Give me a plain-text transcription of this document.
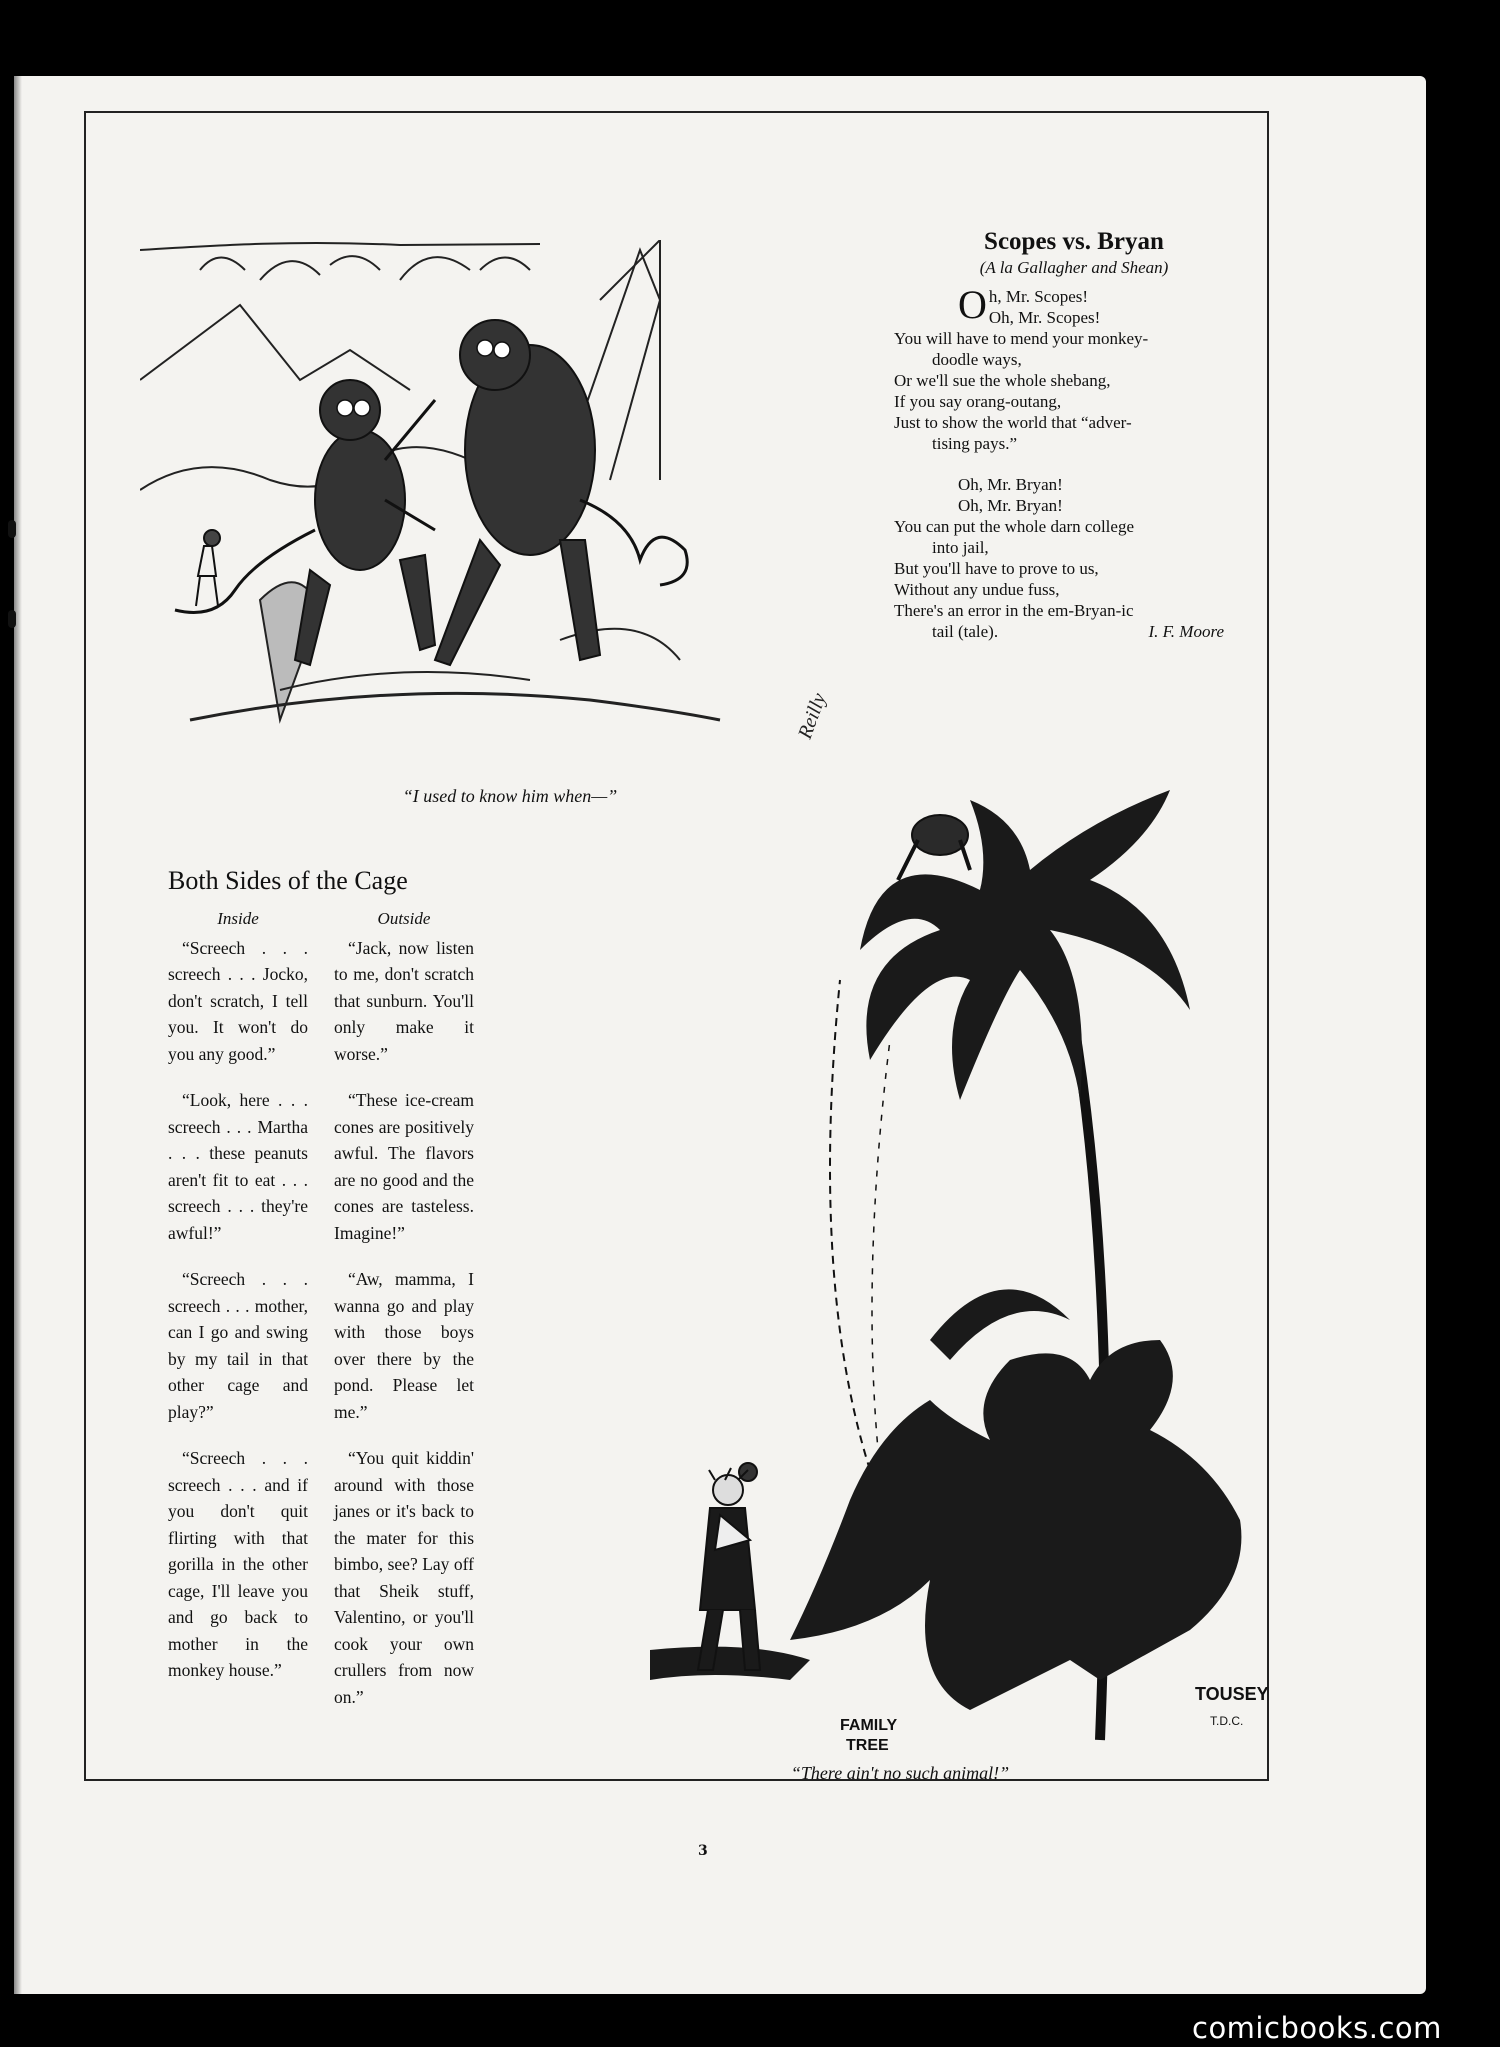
Reilly
“I used to know him when—”
Scopes vs. Bryan
(A la Gallagher and Shean)
Oh, Mr. Scopes!
Oh, Mr. Scopes!
You will have to mend your monkey-
doodle ways,
Or we'll sue the whole shebang,
If you say orang-outang,
Just to show the world that “adver-
tising pays.”
Oh, Mr. Bryan!
Oh, Mr. Bryan!
You can put the whole darn college
into jail,
But you'll have to prove to us,
Without any undue fuss,
There's an error in the em-Bryan-ic
tail (tale).	I. F. Moore
Both Sides of the Cage
Inside

“Screech . . . screech . . . Jocko, don't scratch, I tell you. It won't do you any good.”

“Look, here . . . screech . . . Martha . . . these peanuts aren't fit to eat . . . screech . . . they're awful!”

“Screech . . . screech . . . mother, can I go and swing by my tail in that other cage and play?”

“Screech . . . screech . . . and if you don't quit flirting with that gorilla in the other cage, I'll leave you and go back to mother in the monkey house.”

Outside

“Jack, now listen to me, don't scratch that sunburn. You'll only make it worse.”

“These ice-cream cones are positively awful. The flavors are no good and the cones are tasteless. Imagine!”

“Aw, mamma, I wanna go and play with those boys over there by the pond. Please let me.”

“You quit kiddin' around with those janes or it's back to the mater for this bimbo, see? Lay off that Sheik stuff, Valentino, or you'll cook your own crullers from now on.”

FAMILY
TREE
TOUSEY
T.D.C.
“There ain't no such animal!”
3
comicbooks.com
